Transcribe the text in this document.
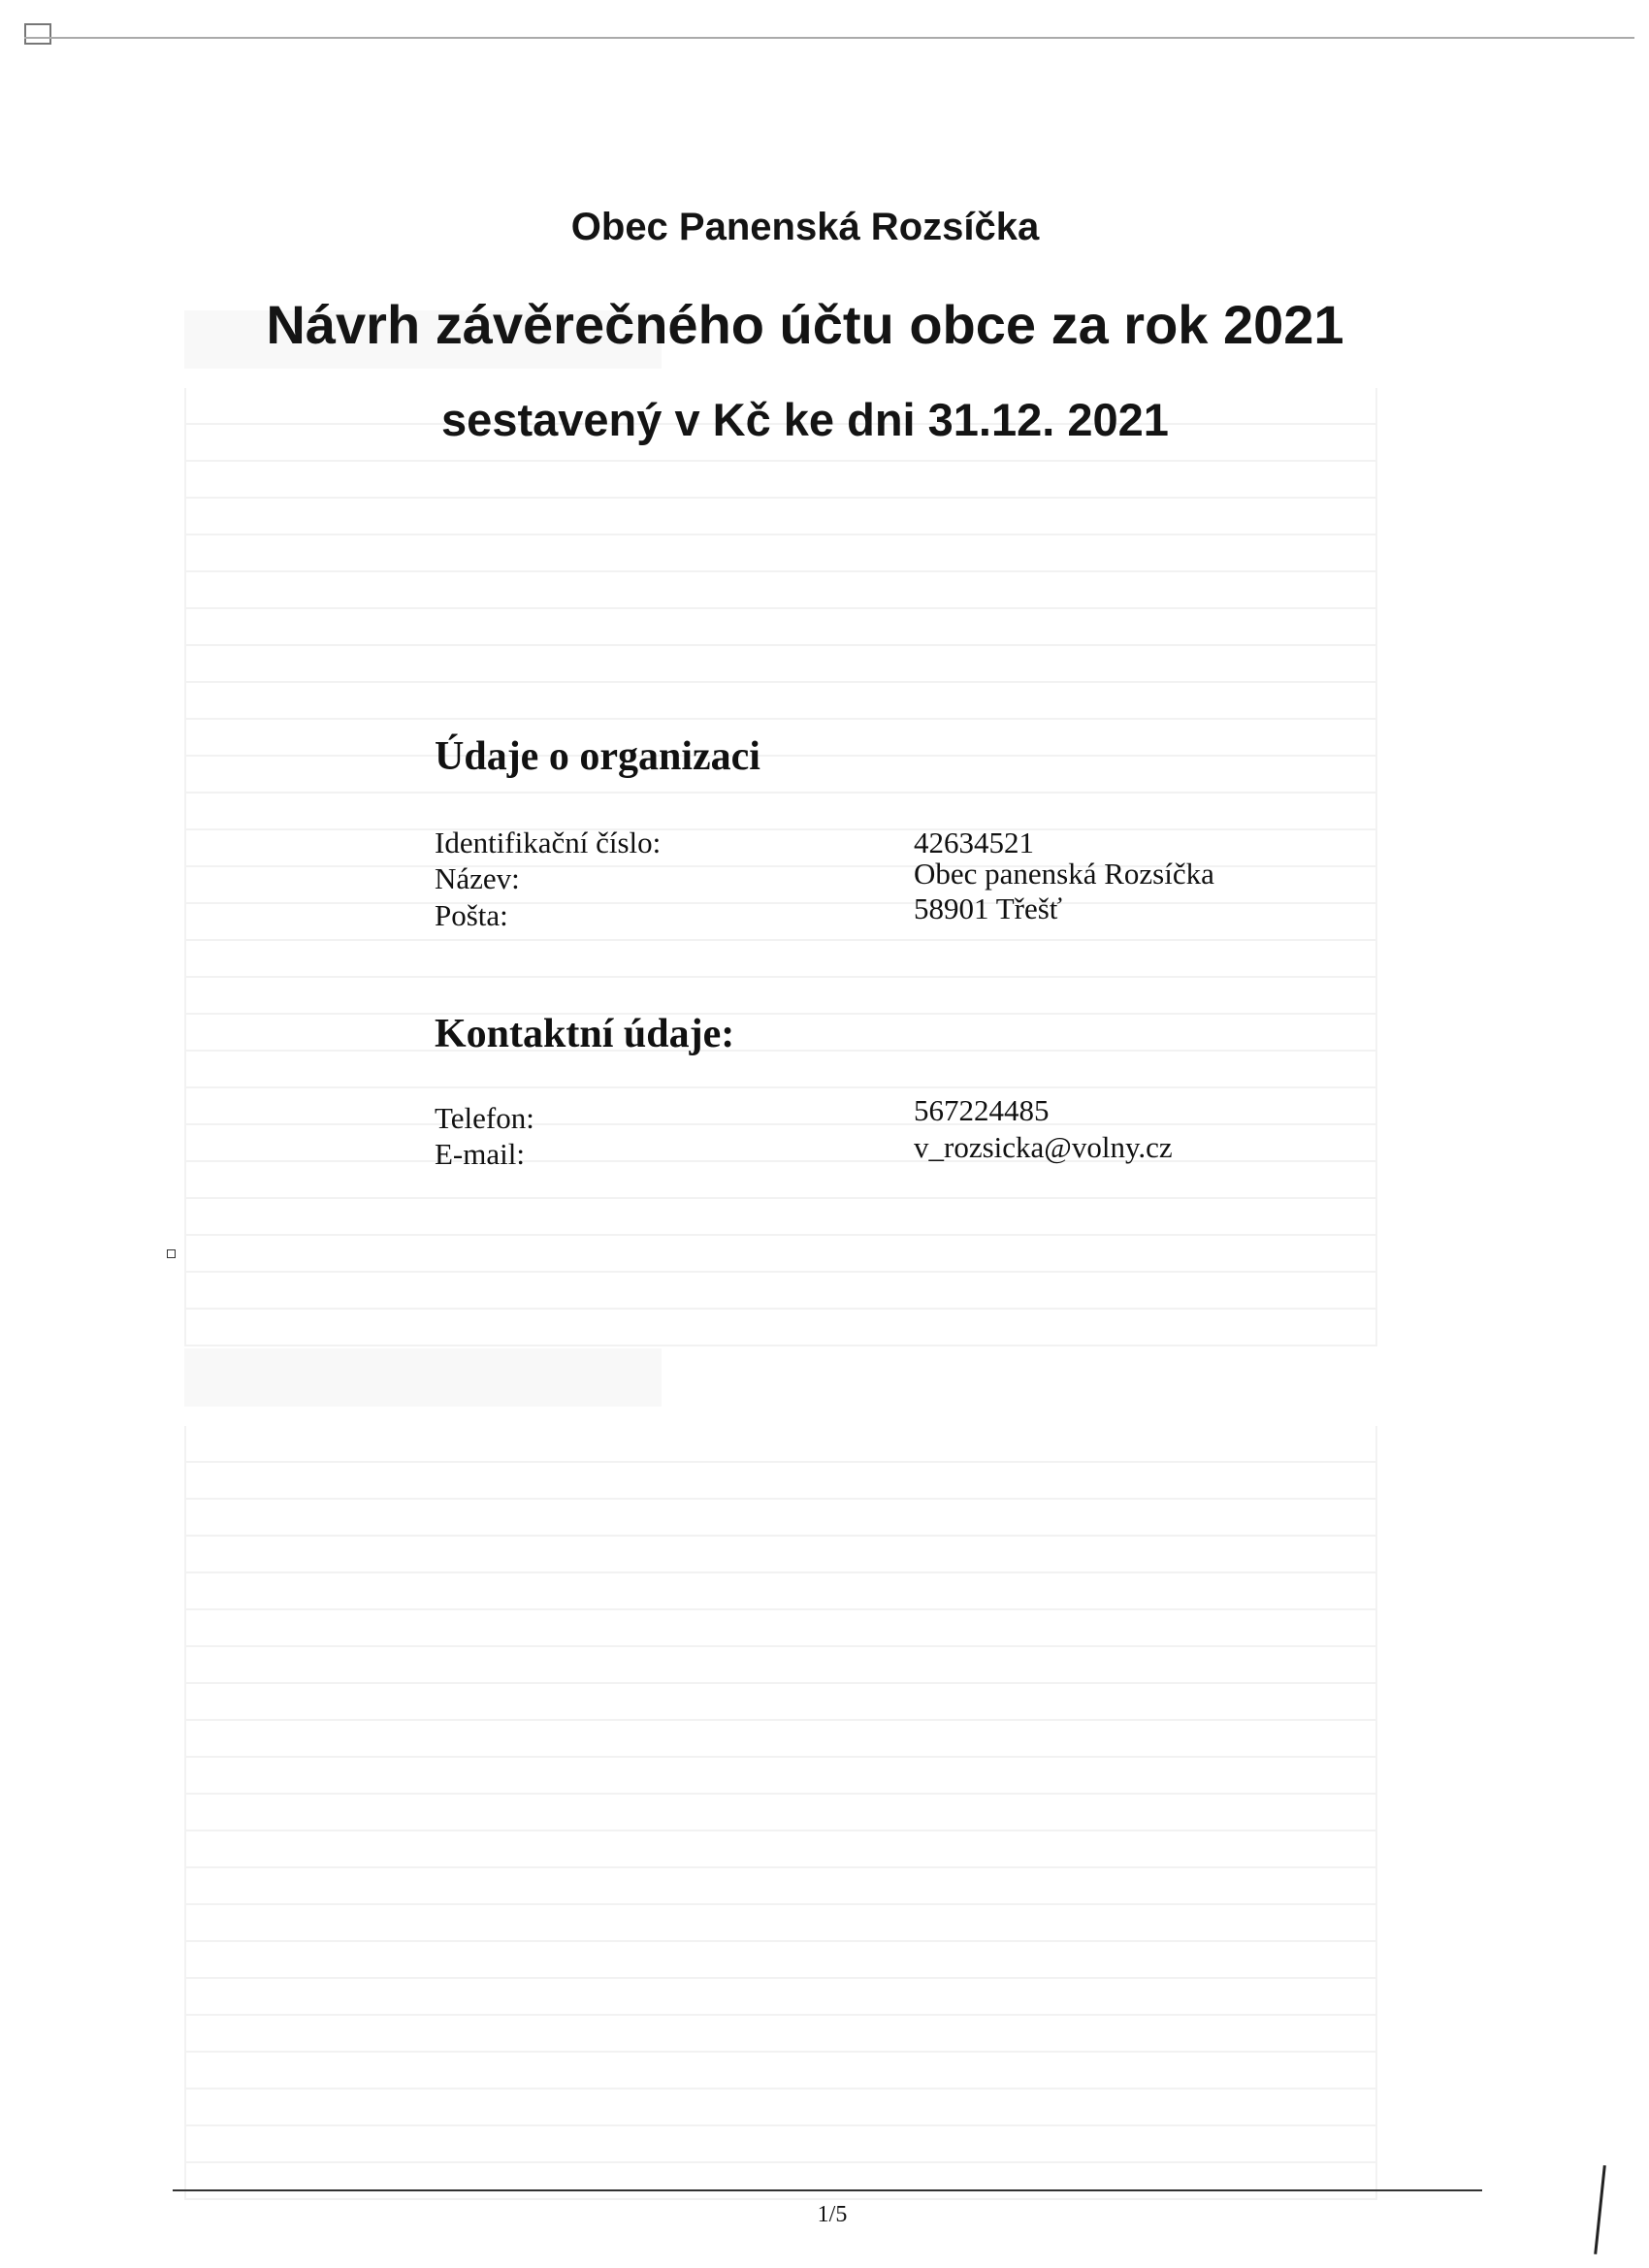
Obec Panenská Rozsíčka
Návrh závěrečného účtu obce za rok 2021
sestavený v Kč ke dni 31.12. 2021
Údaje o organizaci
Identifikační číslo:	42634521
Název:	Obec panenská Rozsíčka
Pošta:	58901 Třešť
Kontaktní údaje:
Telefon:	567224485
E-mail:	v_rozsicka@volny.cz
1/5
